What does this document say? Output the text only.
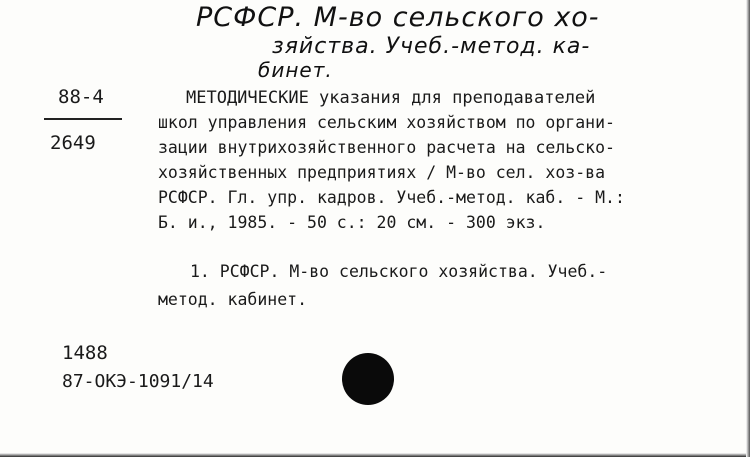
РСФСР. М-во сельского хо-
зяйства. Учеб.-метод. ка-
бинет.
88-4
2649
МЕТОДИЧЕСКИЕ указания для преподавателей
школ управления сельским хозяйством по органи-
зации внутрихозяйственного расчета на сельско-
хозяйственных предприятиях / М-во сел. хоз-ва
РСФСР. Гл. упр. кадров. Учеб.-метод. каб. - М.:
Б. и., 1985. - 50 с.: 20 см. - 300 экз.
1. РСФСР. М-во сельского хозяйства. Учеб.-
метод. кабинет.
1488
87-ОКЭ-1091/14
